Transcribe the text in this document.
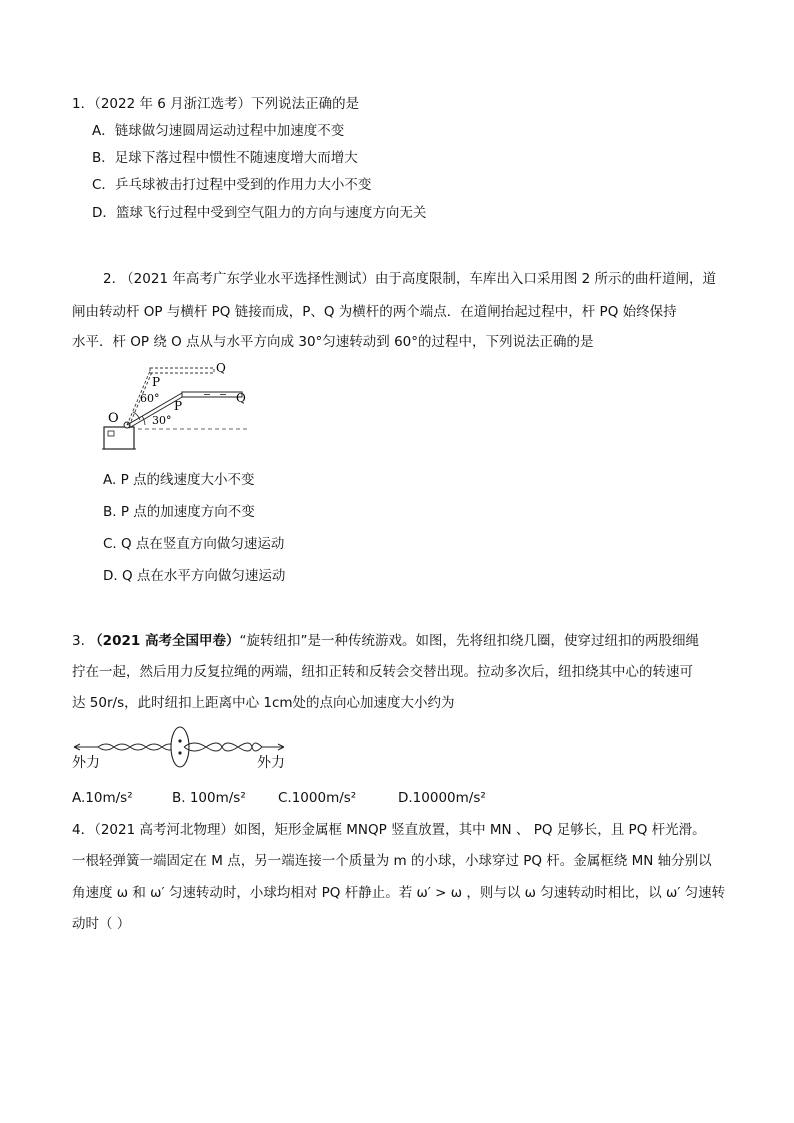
1．（2022 年 6 月浙江选考）下列说法正确的是
A．链球做匀速圆周运动过程中加速度不变
B．足球下落过程中惯性不随速度增大而增大
C．乒乓球被击打过程中受到的作用力大小不变
D．篮球飞行过程中受到空气阻力的方向与速度方向无关
2. （2021 年高考广东学业水平选择性测试）由于高度限制，车库出入口采用图 2 所示的曲杆道闸，道
闸由转动杆 OP 与横杆 PQ 链接而成，P、Q 为横杆的两个端点．在道闸抬起过程中，杆 PQ 始终保持
水平．杆 OP 绕 O 点从与水平方向成 30°匀速转动到 60°的过程中，下列说法正确的是
O
P
P
Q
Q
60°
30°
A. P 点的线速度大小不变
B. P 点的加速度方向不变
C. Q 点在竖直方向做匀速运动
D. Q 点在水平方向做匀速运动
3. （2021 高考全国甲卷）“旋转纽扣”是一种传统游戏。如图，先将纽扣绕几圈，使穿过纽扣的两股细绳
拧在一起，然后用力反复拉绳的两端，纽扣正转和反转会交替出现。拉动多次后，纽扣绕其中心的转速可
达 50r/s，此时纽扣上距离中心 1cm处的点向心加速度大小约为
外力	外力
A.10m/s²	B. 100m/s² C.1000m/s²	D.10000m/s²
4．（2021 高考河北物理）如图，矩形金属框 MNQP 竖直放置，其中 MN 、 PQ 足够长，且 PQ 杆光滑。
一根轻弹簧一端固定在 M 点，另一端连接一个质量为 m 的小球，小球穿过 PQ 杆。金属框绕 MN 轴分别以
角速度 ω 和 ω′ 匀速转动时，小球均相对 PQ 杆静止。若 ω′ > ω ，则与以 ω 匀速转动时相比，以 ω′ 匀速转
动时（ ）
